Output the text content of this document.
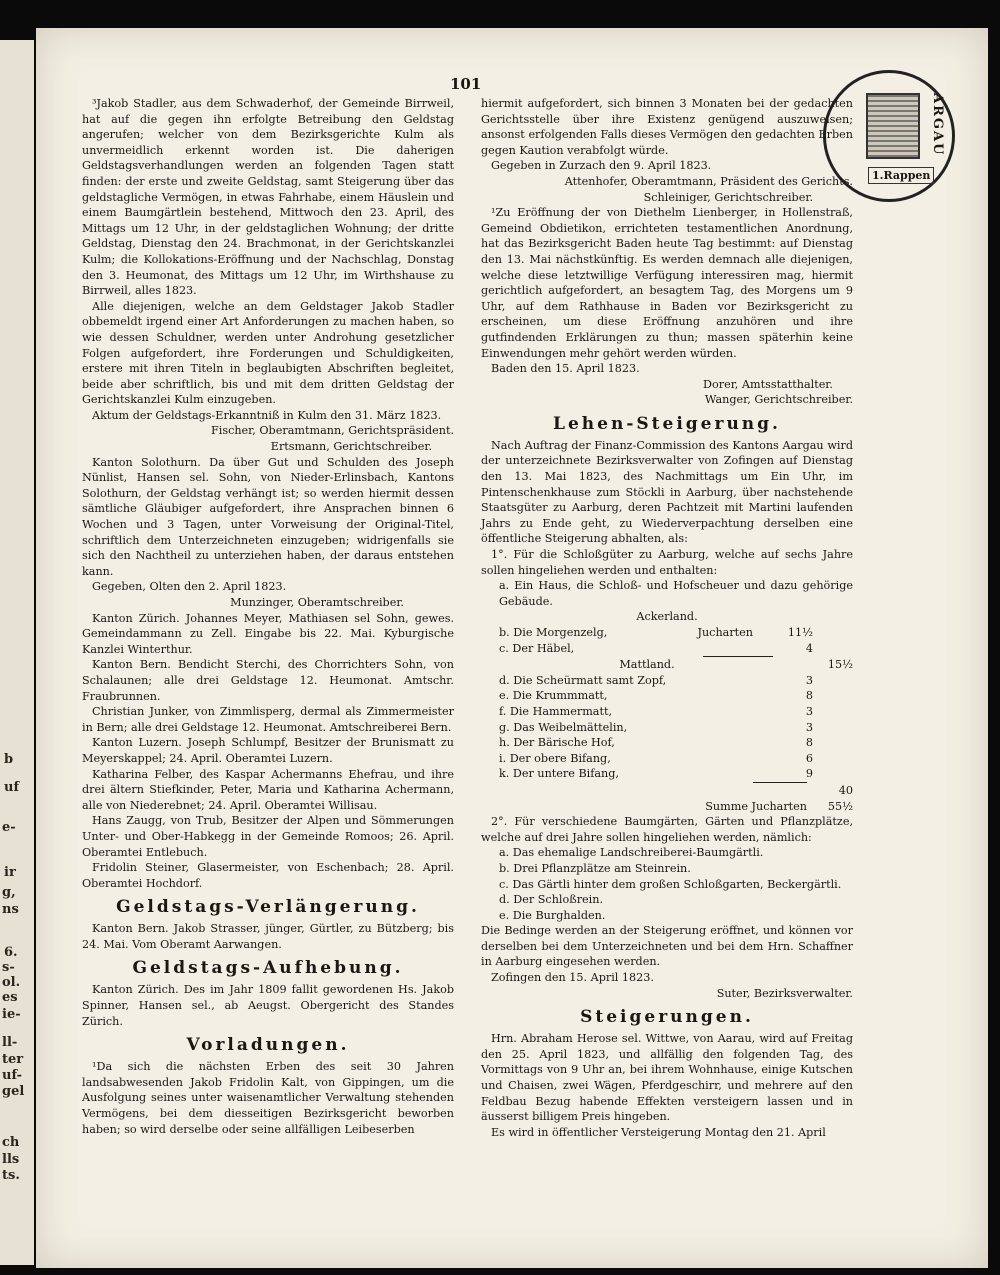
b
uf
e-
ir
g,
ns
6.
s-
ol.
es
ie-
ll-
ter
uf-
gel
ch
lls
ts.
101
ARGAU
1.Rappen

³Jakob Stadler, aus dem Schwaderhof, der Gemeinde Birrweil, hat auf die gegen ihn erfolgte Betreibung den Geldstag angerufen; welcher von dem Bezirksgerichte Kulm als unvermeidlich erkennt worden ist. Die daherigen Geldstagsverhandlungen werden an folgenden Tagen statt finden: der erste und zweite Geldstag, samt Steigerung über das geldstagliche Vermögen, in etwas Fahrhabe, einem Häuslein und einem Baumgärtlein bestehend, Mittwoch den 23. April, des Mittags um 12 Uhr, in der geldstaglichen Wohnung; der dritte Geldstag, Dienstag den 24. Brachmonat, in der Gerichtskanzlei Kulm; die Kollokations-Eröffnung und der Nachschlag, Donstag den 3. Heumonat, des Mittags um 12 Uhr, im Wirthshause zu Birrweil, alles 1823.

Alle diejenigen, welche an dem Geldstager Jakob Stadler obbemeldt irgend einer Art Anforderungen zu machen haben, so wie dessen Schuldner, werden unter Androhung gesetzlicher Folgen aufgefordert, ihre Forderungen und Schuldigkeiten, erstere mit ihren Titeln in beglaubigten Abschriften begleitet, beide aber schriftlich, bis und mit dem dritten Geldstag der Gerichtskanzlei Kulm einzugeben.

Aktum der Geldstags-Erkanntniß in Kulm den 31. März 1823.

Fischer, Oberamtmann, Gerichtspräsident.

Ertsmann, Gerichtschreiber.

Kanton Solothurn. Da über Gut und Schulden des Joseph Nünlist, Hansen sel. Sohn, von Nieder-Erlinsbach, Kantons Solothurn, der Geldstag verhängt ist; so werden hiermit dessen sämtliche Gläubiger aufgefordert, ihre Ansprachen binnen 6 Wochen und 3 Tagen, unter Vorweisung der Original-Titel, schriftlich dem Unterzeichneten einzugeben; widrigenfalls sie sich den Nachtheil zu unterziehen haben, der daraus entstehen kann.

Gegeben, Olten den 2. April 1823.

Munzinger, Oberamtschreiber.

Kanton Zürich. Johannes Meyer, Mathiasen sel Sohn, gewes. Gemeindammann zu Zell. Eingabe bis 22. Mai. Kyburgische Kanzlei Winterthur.

Kanton Bern. Bendicht Sterchi, des Chorrichters Sohn, von Schalaunen; alle drei Geldstage 12. Heumonat. Amtschr. Fraubrunnen.

Christian Junker, von Zimmlisperg, dermal als Zimmermeister in Bern; alle drei Geldstage 12. Heumonat. Amtschreiberei Bern.

Kanton Luzern. Joseph Schlumpf, Besitzer der Brunismatt zu Meyerskappel; 24. April. Oberamtei Luzern.

Katharina Felber, des Kaspar Achermanns Ehefrau, und ihre drei ältern Stiefkinder, Peter, Maria und Katharina Achermann, alle von Niederebnet; 24. April. Oberamtei Willisau.

Hans Zaugg, von Trub, Besitzer der Alpen und Sömmerungen Unter- und Ober-Habkegg in der Gemeinde Romoos; 26. April. Oberamtei Entlebuch.

Fridolin Steiner, Glasermeister, von Eschenbach; 28. April. Oberamtei Hochdorf.

Geldstags-Verlängerung.

Kanton Bern. Jakob Strasser, jünger, Gürtler, zu Bützberg; bis 24. Mai. Vom Oberamt Aarwangen.

Geldstags-Aufhebung.

Kanton Zürich. Des im Jahr 1809 fallit gewordenen Hs. Jakob Spinner, Hansen sel., ab Aeugst. Obergericht des Standes Zürich.

Vorladungen.

¹Da sich die nächsten Erben des seit 30 Jahren landsabwesenden Jakob Fridolin Kalt, von Gippingen, um die Ausfolgung seines unter waisenamtlicher Verwaltung stehenden Vermögens, bei dem diesseitigen Bezirksgericht beworben haben; so wird derselbe oder seine allfälligen Leibeserben

hiermit aufgefordert, sich binnen 3 Monaten bei der gedachten Gerichtsstelle über ihre Existenz genügend auszuweisen; ansonst erfolgenden Falls dieses Vermögen den gedachten Erben gegen Kaution verabfolgt würde.

Gegeben in Zurzach den 9. April 1823.

Attenhofer, Oberamtmann, Präsident des Gerichts.

Schleiniger, Gerichtschreiber.

¹Zu Eröffnung der von Diethelm Lienberger, in Hollenstraß, Gemeind Obdietikon, errichteten testamentlichen Anordnung, hat das Bezirksgericht Baden heute Tag bestimmt: auf Dienstag den 13. Mai nächstkünftig. Es werden demnach alle diejenigen, welche diese letztwillige Verfügung interessiren mag, hiermit gerichtlich aufgefordert, an besagtem Tag, des Morgens um 9 Uhr, auf dem Rathhause in Baden vor Bezirksgericht zu erscheinen, um diese Eröffnung anzuhören und ihre gutfindenden Erklärungen zu thun; massen späterhin keine Einwendungen mehr gehört werden würden.

Baden den 15. April 1823.

Dorer, Amtsstatthalter.

Wanger, Gerichtschreiber.

Lehen-Steigerung.

Nach Auftrag der Finanz-Commission des Kantons Aargau wird der unterzeichnete Bezirksverwalter von Zofingen auf Dienstag den 13. Mai 1823, des Nachmittags um Ein Uhr, im Pintenschenkhause zum Stöckli in Aarburg, über nachstehende Staatsgüter zu Aarburg, deren Pachtzeit mit Martini laufenden Jahrs zu Ende geht, zu Wiederverpachtung derselben eine öffentliche Steigerung abhalten, als:

1°. Für die Schloßgüter zu Aarburg, welche auf sechs Jahre sollen hingeliehen werden und enthalten:

a. Ein Haus, die Schloß- und Hofscheuer und dazu gehörige Gebäude.

Ackerland.

b. Die Morgenzelg,	Jucharten	11½
c. Der Häbel,	4
Mattland.	15½
d. Die Scheürmatt samt Zopf,	3
e. Die Krummmatt,	8
f. Die Hammermatt,	3
g. Das Weibelmättelin,	3
h. Der Bärische Hof,	8
i. Der obere Bifang,	6
k. Der untere Bifang,	9
40
Summe Jucharten	55½

2°. Für verschiedene Baumgärten, Gärten und Pflanzplätze, welche auf drei Jahre sollen hingeliehen werden, nämlich:

a. Das ehemalige Landschreiberei-Baumgärtli.

b. Drei Pflanzplätze am Steinrein.

c. Das Gärtli hinter dem großen Schloßgarten, Beckergärtli.

d. Der Schloßrein.

e. Die Burghalden.

Die Bedinge werden an der Steigerung eröffnet, und können vor derselben bei dem Unterzeichneten und bei dem Hrn. Schaffner in Aarburg eingesehen werden.

Zofingen den 15. April 1823.

Suter, Bezirksverwalter.

Steigerungen.

Hrn. Abraham Herose sel. Wittwe, von Aarau, wird auf Freitag den 25. April 1823, und allfällig den folgenden Tag, des Vormittags von 9 Uhr an, bei ihrem Wohnhause, einige Kutschen und Chaisen, zwei Wägen, Pferdgeschirr, und mehrere auf den Feldbau Bezug habende Effekten versteigern lassen und in äusserst billigem Preis hingeben.

Es wird in öffentlicher Versteigerung Montag den 21. April
